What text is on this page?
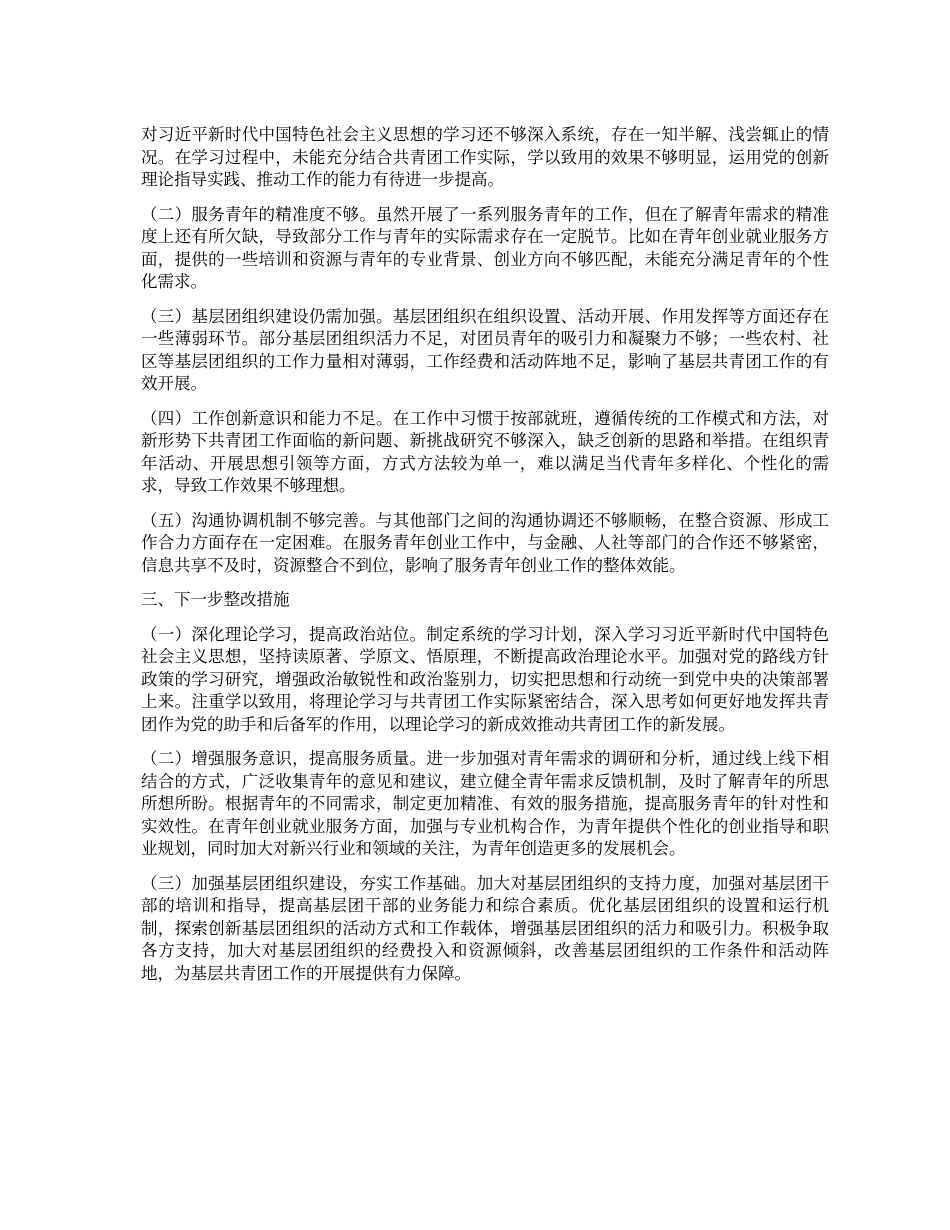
对习近平新时代中国特色社会主义思想的学习还不够深入系统，存在一知半解、浅尝辄止的情况。在学习过程中，未能充分结合共青团工作实际，学以致用的效果不够明显，运用党的创新理论指导实践、推动工作的能力有待进一步提高。

（二）服务青年的精准度不够。虽然开展了一系列服务青年的工作，但在了解青年需求的精准度上还有所欠缺，导致部分工作与青年的实际需求存在一定脱节。比如在青年创业就业服务方面，提供的一些培训和资源与青年的专业背景、创业方向不够匹配，未能充分满足青年的个性化需求。

（三）基层团组织建设仍需加强。基层团组织在组织设置、活动开展、作用发挥等方面还存在一些薄弱环节。部分基层团组织活力不足，对团员青年的吸引力和凝聚力不够；一些农村、社区等基层团组织的工作力量相对薄弱，工作经费和活动阵地不足，影响了基层共青团工作的有效开展。

（四）工作创新意识和能力不足。在工作中习惯于按部就班，遵循传统的工作模式和方法，对新形势下共青团工作面临的新问题、新挑战研究不够深入，缺乏创新的思路和举措。在组织青年活动、开展思想引领等方面，方式方法较为单一，难以满足当代青年多样化、个性化的需求，导致工作效果不够理想。

（五）沟通协调机制不够完善。与其他部门之间的沟通协调还不够顺畅，在整合资源、形成工作合力方面存在一定困难。在服务青年创业工作中，与金融、人社等部门的合作还不够紧密，信息共享不及时，资源整合不到位，影响了服务青年创业工作的整体效能。

三、下一步整改措施

（一）深化理论学习，提高政治站位。制定系统的学习计划，深入学习习近平新时代中国特色社会主义思想，坚持读原著、学原文、悟原理，不断提高政治理论水平。加强对党的路线方针政策的学习研究，增强政治敏锐性和政治鉴别力，切实把思想和行动统一到党中央的决策部署上来。注重学以致用，将理论学习与共青团工作实际紧密结合，深入思考如何更好地发挥共青团作为党的助手和后备军的作用，以理论学习的新成效推动共青团工作的新发展。

（二）增强服务意识，提高服务质量。进一步加强对青年需求的调研和分析，通过线上线下相结合的方式，广泛收集青年的意见和建议，建立健全青年需求反馈机制，及时了解青年的所思所想所盼。根据青年的不同需求，制定更加精准、有效的服务措施，提高服务青年的针对性和实效性。在青年创业就业服务方面，加强与专业机构合作，为青年提供个性化的创业指导和职业规划，同时加大对新兴行业和领域的关注，为青年创造更多的发展机会。

（三）加强基层团组织建设，夯实工作基础。加大对基层团组织的支持力度，加强对基层团干部的培训和指导，提高基层团干部的业务能力和综合素质。优化基层团组织的设置和运行机制，探索创新基层团组织的活动方式和工作载体，增强基层团组织的活力和吸引力。积极争取各方支持，加大对基层团组织的经费投入和资源倾斜，改善基层团组织的工作条件和活动阵地，为基层共青团工作的开展提供有力保障。
